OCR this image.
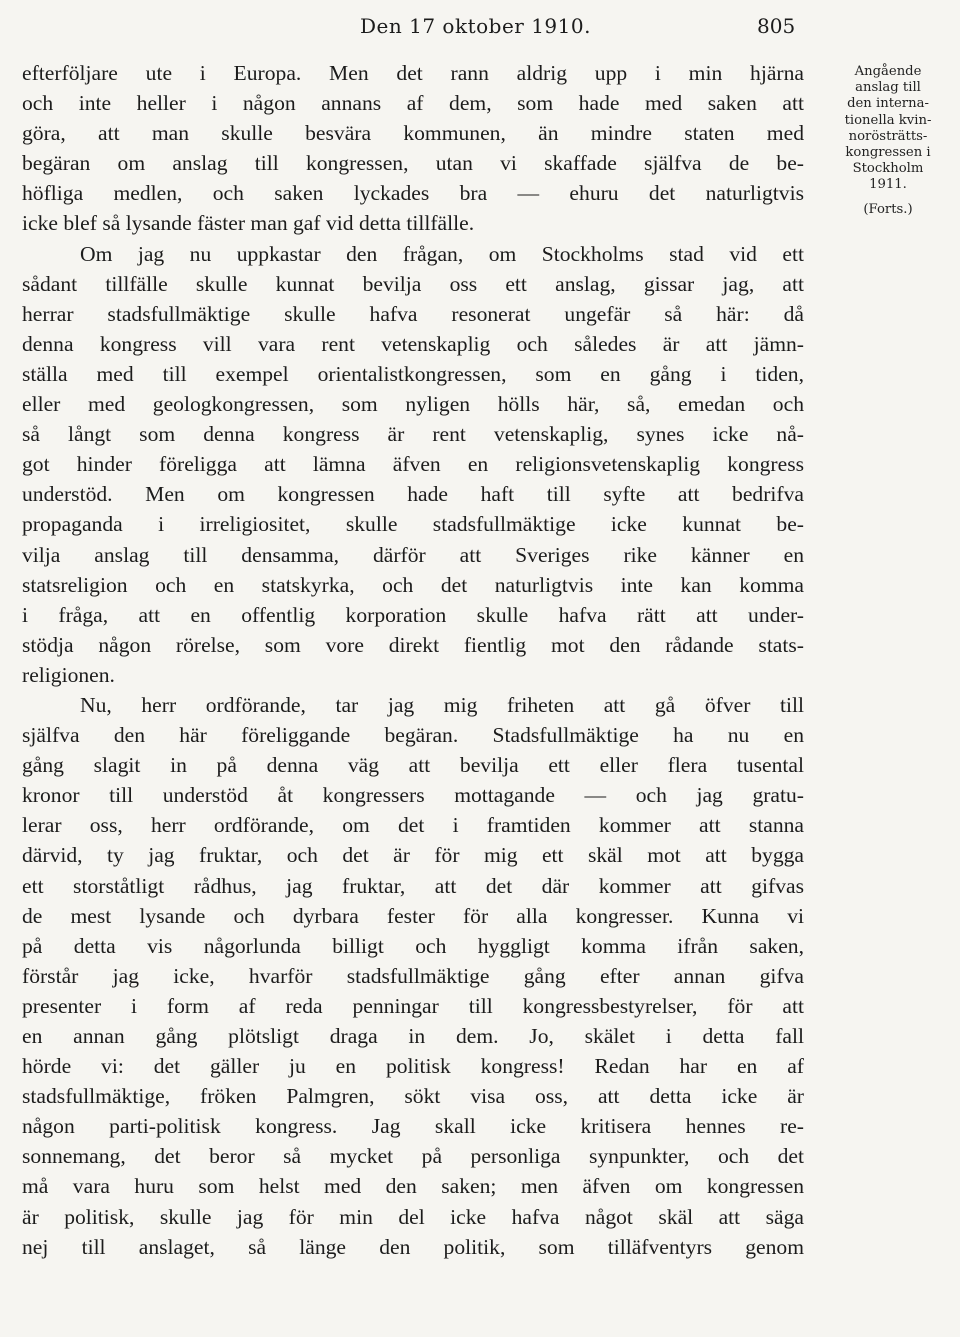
Den 17 oktober 1910.	805
efterföljare ute i Europa. Men det rann aldrig upp i min hjärna
och inte heller i någon annans af dem, som hade med saken att
göra, att man skulle besvära kommunen, än mindre staten med
begäran om anslag till kongressen, utan vi skaffade själfva de be-
höfliga medlen, och saken lyckades bra — ehuru det naturligtvis
icke blef så lysande fäster man gaf vid detta tillfälle.
Om jag nu uppkastar den frågan, om Stockholms stad vid ett
sådant tillfälle skulle kunnat bevilja oss ett anslag, gissar jag, att
herrar stadsfullmäktige skulle hafva resonerat ungefär så här: då
denna kongress vill vara rent vetenskaplig och således är att jämn-
ställa med till exempel orientalistkongressen, som en gång i tiden,
eller med geologkongressen, som nyligen hölls här, så, emedan och
så långt som denna kongress är rent vetenskaplig, synes icke nå-
got hinder föreligga att lämna äfven en religionsvetenskaplig kongress
understöd. Men om kongressen hade haft till syfte att bedrifva
propaganda i irreligiositet, skulle stadsfullmäktige icke kunnat be-
vilja anslag till densamma, därför att Sveriges rike känner en
statsreligion och en statskyrka, och det naturligtvis inte kan komma
i fråga, att en offentlig korporation skulle hafva rätt att under-
stödja någon rörelse, som vore direkt fientlig mot den rådande stats-
religionen.
Nu, herr ordförande, tar jag mig friheten att gå öfver till
själfva den här föreliggande begäran. Stadsfullmäktige ha nu en
gång slagit in på denna väg att bevilja ett eller flera tusental
kronor till understöd åt kongressers mottagande — och jag gratu-
lerar oss, herr ordförande, om det i framtiden kommer att stanna
därvid, ty jag fruktar, och det är för mig ett skäl mot att bygga
ett storståtligt rådhus, jag fruktar, att det där kommer att gifvas
de mest lysande och dyrbara fester för alla kongresser. Kunna vi
på detta vis någorlunda billigt och hyggligt komma ifrån saken,
förstår jag icke, hvarför stadsfullmäktige gång efter annan gifva
presenter i form af reda penningar till kongressbestyrelser, för att
en annan gång plötsligt draga in dem. Jo, skälet i detta fall
hörde vi: det gäller ju en politisk kongress! Redan har en af
stadsfullmäktige, fröken Palmgren, sökt visa oss, att detta icke är
någon parti-politisk kongress. Jag skall icke kritisera hennes re-
sonnemang, det beror så mycket på personliga synpunkter, och det
må vara huru som helst med den saken; men äfven om kongressen
är politisk, skulle jag för min del icke hafva något skäl att säga
nej till anslaget, så länge den politik, som tilläfventyrs genom
Angående
anslag till
den interna-
tionella kvin-
norösträtts-
kongressen i
Stockholm
1911.
(Forts.)
